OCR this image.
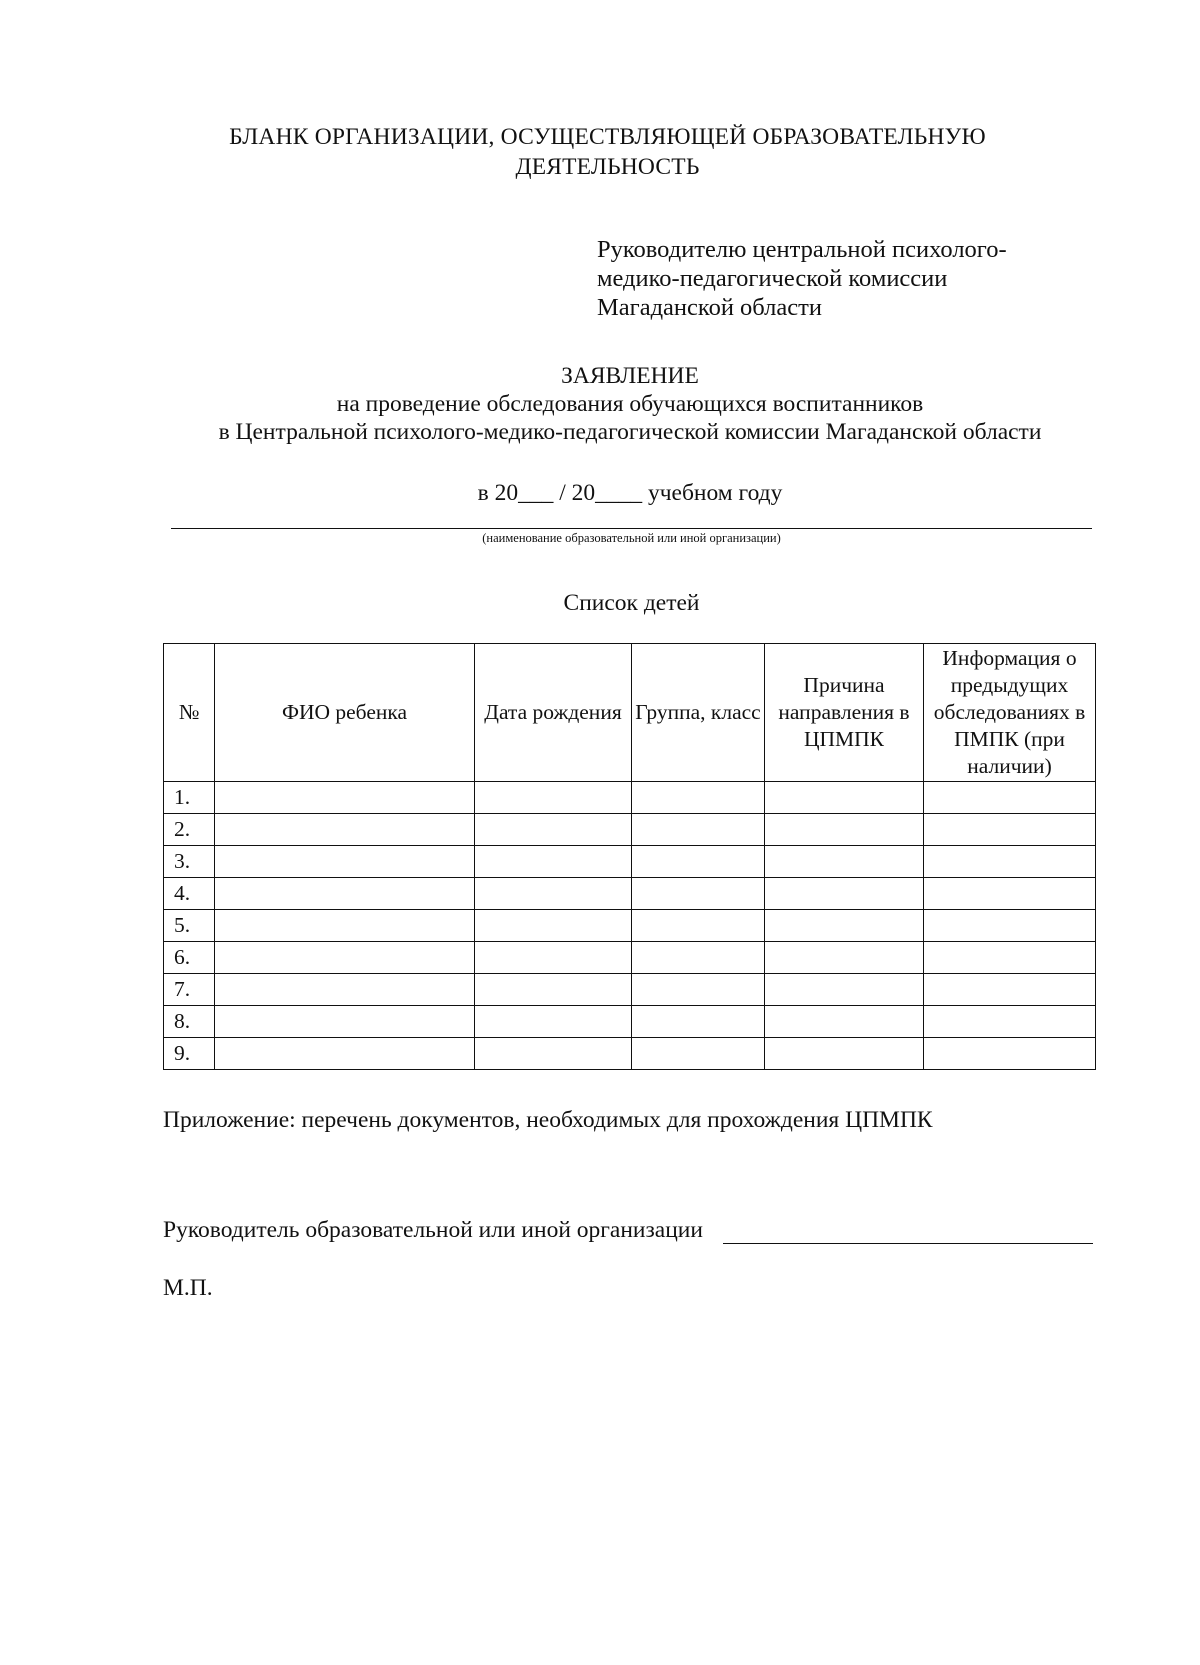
БЛАНК ОРГАНИЗАЦИИ, ОСУЩЕСТВЛЯЮЩЕЙ ОБРАЗОВАТЕЛЬНУЮ
ДЕЯТЕЛЬНОСТЬ
Руководителю центральной психолого-
медико-педагогической комиссии
Магаданской области
ЗАЯВЛЕНИЕ
на проведение обследования обучающихся воспитанников
в Центральной психолого-медико-педагогической комиссии Магаданской области
в 20___ / 20____ учебном году
(наименование образовательной или иной организации)
Список детей
№	ФИО ребенка	Дата рождения	Группа, класс	Причина направления в ЦПМПК	Информация о предыдущих обследованиях в ПМПК (при наличии)
1.					
2.					
3.					
4.					
5.					
6.					
7.					
8.					
9.					
Приложение: перечень документов, необходимых для прохождения ЦПМПК
Руководитель образовательной или иной организации
М.П.
